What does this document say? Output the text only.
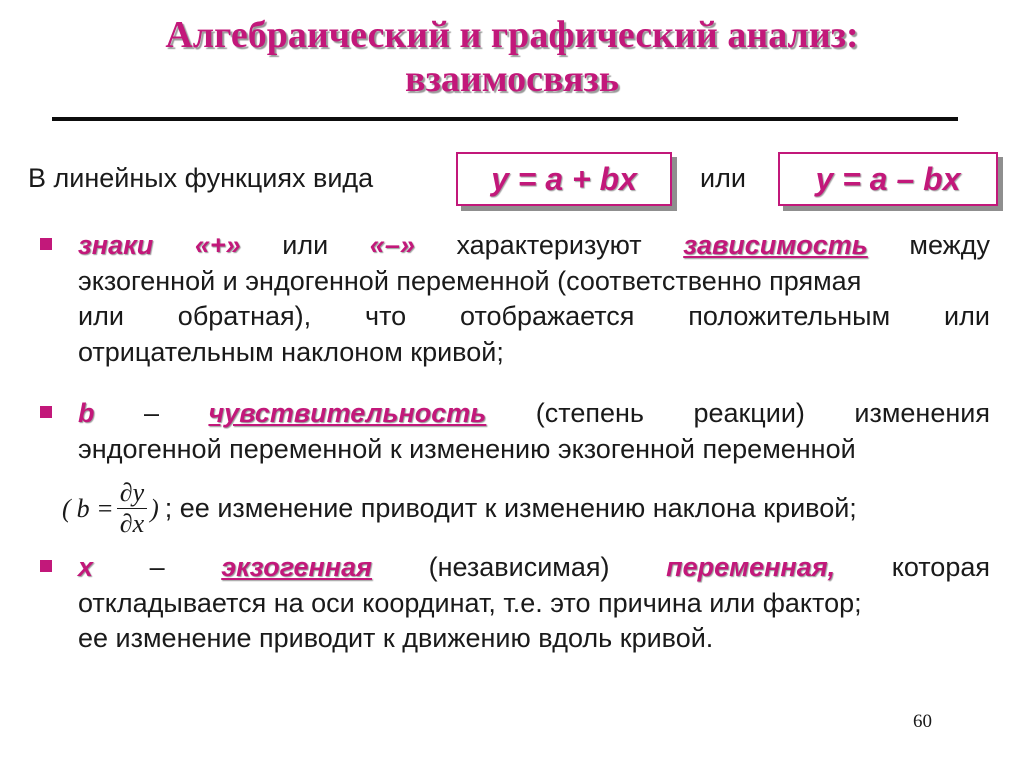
Алгебраический и графический анализ:
взаимосвязь
В линейных функциях вида	y = a + bx	или	y = a – bx
знаки «+» или «–» характеризуют зависимость между
экзогенной и эндогенной переменной (соответственно прямая
или обратная), что отображается положительным или
отрицательным наклоном кривой;
b – чувствительность (степень реакции) изменения
эндогенной переменной к изменению экзогенной переменной
( $b = \frac{\partial y}{\partial x}$ ) ; ее изменение приводит к изменению наклона кривой;
x – экзогенная (независимая) переменная, которая
откладывается на оси координат, т.е. это причина или фактор;
ее изменение приводит к движению вдоль кривой.
60
